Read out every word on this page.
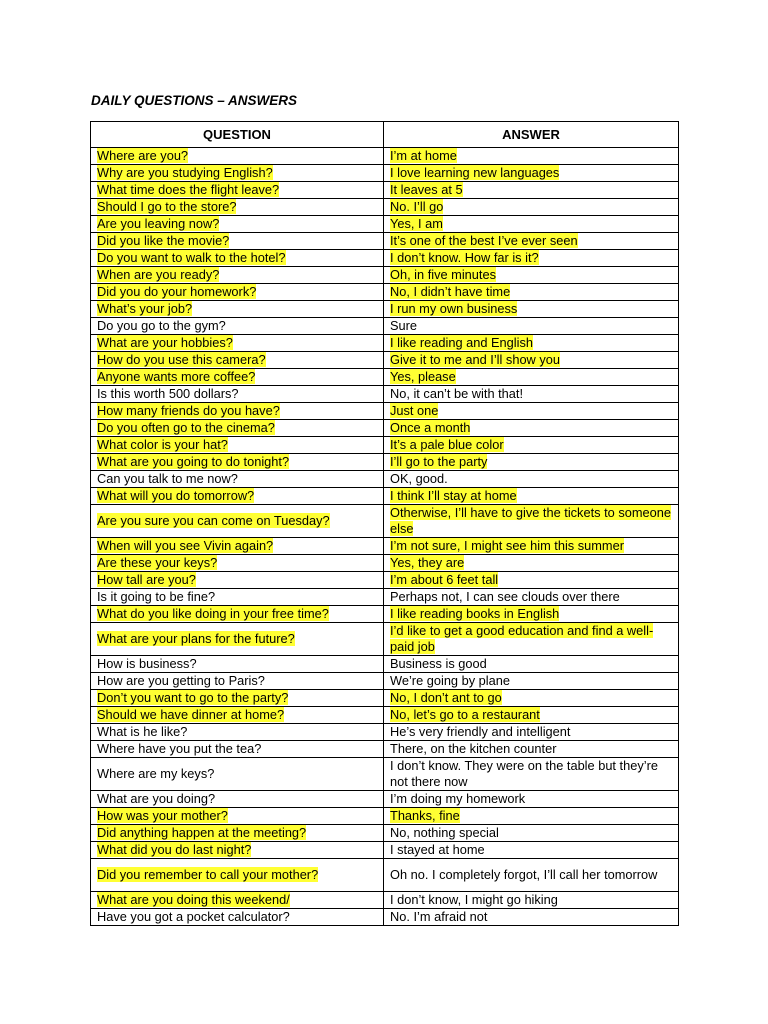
DAILY QUESTIONS – ANSWERS
QUESTION	ANSWER
Where are you?	I’m at home
Why are you studying English?	I love learning new languages
What time does the flight leave?	It leaves at 5
Should I go to the store?	No. I’ll go
Are you leaving now?	Yes, I am
Did you like the movie?	It’s one of the best I’ve ever seen
Do you want to walk to the hotel?	I don’t know. How far is it?
When are you ready?	Oh, in five minutes
Did you do your homework?	No, I didn’t have time
What’s your job?	I run my own business
Do you go to the gym?	Sure
What are your hobbies?	I like reading and English
How do you use this camera?	Give it to me and I’ll show you
Anyone wants more coffee?	Yes, please
Is this worth 500 dollars?	No, it can’t be with that!
How many friends do you have?	Just one
Do you often go to the cinema?	Once a month
What color is your hat?	It’s a pale blue color
What are you going to do tonight?	I’ll go to the party
Can you talk to me now?	OK, good.
What will you do tomorrow?	I think I’ll stay at home
Are you sure you can come on Tuesday?	Otherwise, I’ll have to give the tickets to someone else
When will you see Vivin again?	I’m not sure, I might see him this summer
Are these your keys?	Yes, they are
How tall are you?	I’m about 6 feet tall
Is it going to be fine?	Perhaps not, I can see clouds over there
What do you like doing in your free time?	I like reading books in English
What are your plans for the future?	I’d like to get a good education and find a well-paid job
How is business?	Business is good
How are you getting to Paris?	We’re going by plane
Don’t you want to go to the party?	No, I don’t ant to go
Should we have dinner at home?	No, let’s go to a restaurant
What is he like?	He’s very friendly and intelligent
Where have you put the tea?	There, on the kitchen counter
Where are my keys?	I don’t know. They were on the table but they’re not there now
What are you doing?	I’m doing my homework
How was your mother?	Thanks, fine
Did anything happen at the meeting?	No, nothing special
What did you do last night?	I stayed at home
Did you remember to call your mother?	Oh no. I completely forgot, I’ll call her tomorrow
What are you doing this weekend/	I don’t know, I might go hiking
Have you got a pocket calculator?	No. I’m afraid not
